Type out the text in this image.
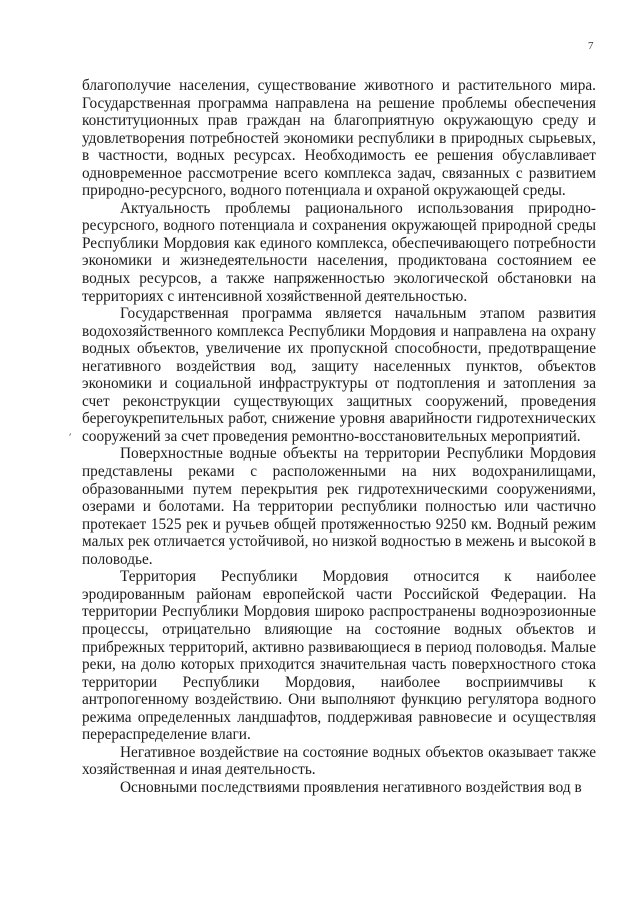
7
⸴

благополучие населения, существование животного и растительного мира. Государственная программа направлена на решение проблемы обеспечения конституционных прав граждан на благоприятную окружающую среду и удовлетворения потребностей экономики республики в природных сырьевых, в частности, водных ресурсах. Необходимость ее решения обуславливает одновременное рассмотрение всего комплекса задач, связанных с развитием природно-ресурсного, водного потенциала и охраной окружающей среды.

Актуальность проблемы рационального использования природно-ресурсного, водного потенциала и сохранения окружающей природной среды Республики Мордовия как единого комплекса, обеспечивающего потребности экономики и жизнедеятельности населения, продиктована состоянием ее водных ресурсов, а также напряженностью экологической обстановки на территориях с интенсивной хозяйственной деятельностью.

Государственная программа является начальным этапом развития водохозяйственного комплекса Республики Мордовия и направлена на охрану водных объектов, увеличение их пропускной способности, предотвращение негативного воздействия вод, защиту населенных пунктов, объектов экономики и социальной инфраструктуры от подтопления и затопления за счет реконструкции существующих защитных сооружений, проведения берегоукрепительных работ, снижение уровня аварийности гидротехнических сооружений за счет проведения ремонтно-восстановительных мероприятий.

Поверхностные водные объекты на территории Республики Мордовия представлены реками с расположенными на них водохранилищами, образованными путем перекрытия рек гидротехническими сооружениями, озерами и болотами. На территории республики полностью или частично протекает 1525 рек и ручьев общей протяженностью 9250 км. Водный режим малых рек отличается устойчивой, но низкой водностью в межень и высокой в половодье.

Территория Республики Мордовия относится к наиболее эродированным районам европейской части Российской Федерации. На территории Республики Мордовия широко распространены водноэрозионные процессы, отрицательно влияющие на состояние водных объектов и прибрежных территорий, активно развивающиеся в период половодья. Малые реки, на долю которых приходится значительная часть поверхностного стока территории Республики Мордовия, наиболее восприимчивы к антропогенному воздействию. Они выполняют функцию регулятора водного режима определенных ландшафтов, поддерживая равновесие и осуществляя перераспределение влаги.

Негативное воздействие на состояние водных объектов оказывает также хозяйственная и иная деятельность.

Основными последствиями проявления негативного воздействия вод в
